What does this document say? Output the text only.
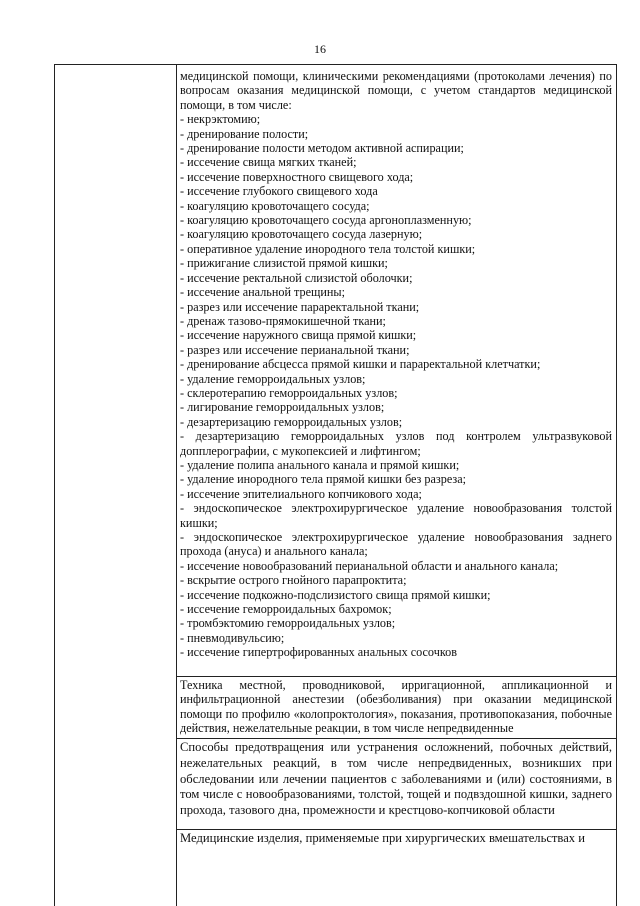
16
медицинской помощи, клиническими рекомендациями (протоколами лечения) по вопросам оказания медицинской помощи, с учетом стандартов медицинской помощи, в том числе:
- некрэктомию;
- дренирование полости;
- дренирование полости методом активной аспирации;
- иссечение свища мягких тканей;
- иссечение поверхностного свищевого хода;
- иссечение глубокого свищевого хода
- коагуляцию кровоточащего сосуда;
- коагуляцию кровоточащего сосуда аргоноплазменную;
- коагуляцию кровоточащего сосуда лазерную;
- оперативное удаление инородного тела толстой кишки;
- прижигание слизистой прямой кишки;
- иссечение ректальной слизистой оболочки;
- иссечение анальной трещины;
- разрез или иссечение параректальной ткани;
- дренаж тазово-прямокишечной ткани;
- иссечение наружного свища прямой кишки;
- разрез или иссечение перианальной ткани;
- дренирование абсцесса прямой кишки и параректальной клетчатки;
- удаление геморроидальных узлов;
- склеротерапию геморроидальных узлов;
- лигирование геморроидальных узлов;
- дезартеризацию геморроидальных узлов;
- дезартеризацию геморроидальных узлов под контролем ультразвуковой допплерографии, с мукопексией и лифтингом;
- удаление полипа анального канала и прямой кишки;
- удаление инородного тела прямой кишки без разреза;
- иссечение эпителиального копчикового хода;
- эндоскопическое электрохирургическое удаление новообразования толстой кишки;
- эндоскопическое электрохирургическое удаление новообразования заднего прохода (ануса) и анального канала;
- иссечение новообразований перианальной области и анального канала;
- вскрытие острого гнойного парапроктита;
- иссечение подкожно-подслизистого свища прямой кишки;
- иссечение геморроидальных бахромок;
- тромбэктомию геморроидальных узлов;
- пневмодивульсию;
- иссечение гипертрофированных анальных сосочков
Техника местной, проводниковой, ирригационной, аппликационной и инфильтрационной анестезии (обезболивания) при оказании медицинской помощи по профилю «колопроктология», показания, противопоказания, побочные действия, нежелательные реакции, в том числе непредвиденные
Способы предотвращения или устранения осложнений, побочных действий, нежелательных реакций, в том числе непредвиденных, возникших при обследовании или лечении пациентов с заболеваниями и (или) состояниями, в том числе с новообразованиями, толстой, тощей и подвздошной кишки, заднего прохода, тазового дна, промежности и крестцово-копчиковой области
Медицинские изделия, применяемые при хирургических вмешательствах и
